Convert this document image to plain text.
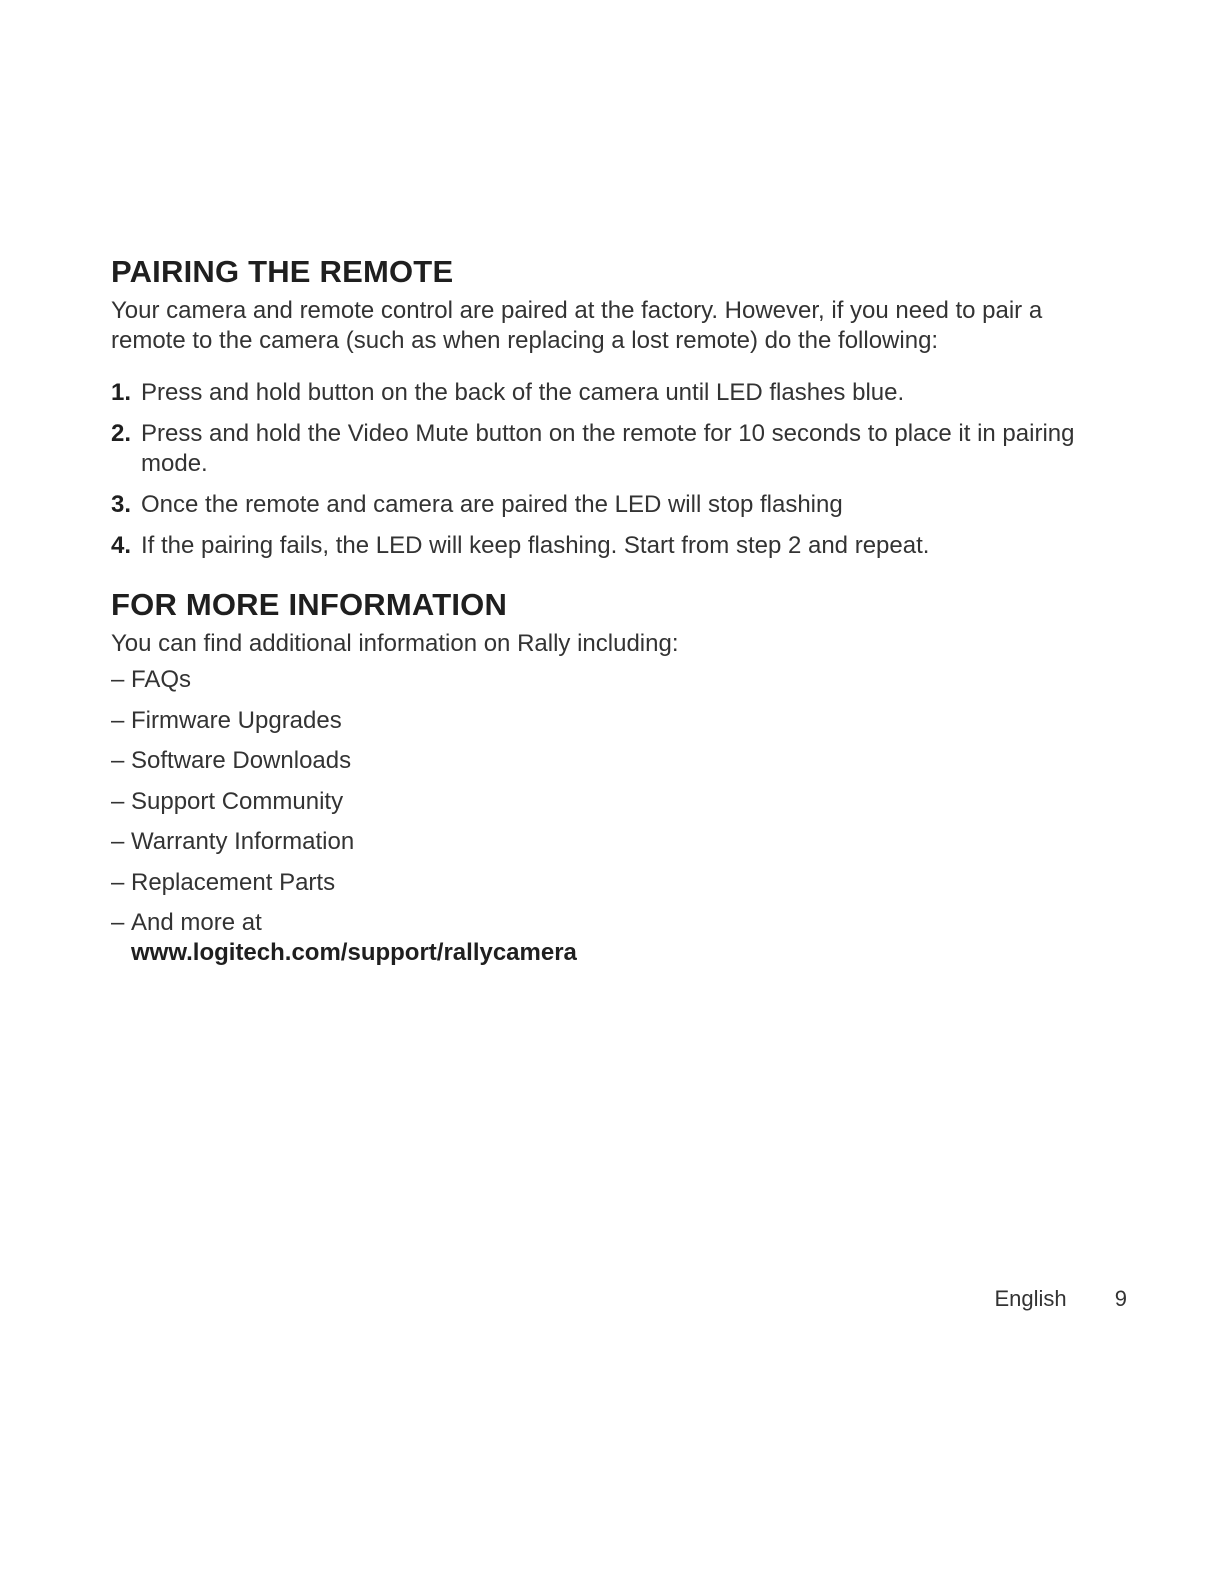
PAIRING THE REMOTE

Your camera and remote control are paired at the factory. However, if you need to pair a remote to the camera (such as when replacing a lost remote) do the following:

1. Press and hold button on the back of the camera until LED flashes blue.
2. Press and hold the Video Mute button on the remote for 10 seconds to place it in pairing mode.
3. Once the remote and camera are paired the LED will stop flashing
4. If the pairing fails, the LED will keep flashing. Start from step 2 and repeat.
FOR MORE INFORMATION

You can find additional information on Rally including:

– FAQs
– Firmware Upgrades
– Software Downloads
– Support Community
– Warranty Information
– Replacement Parts
– And more at
www.logitech.com/support/rallycamera
English 9
